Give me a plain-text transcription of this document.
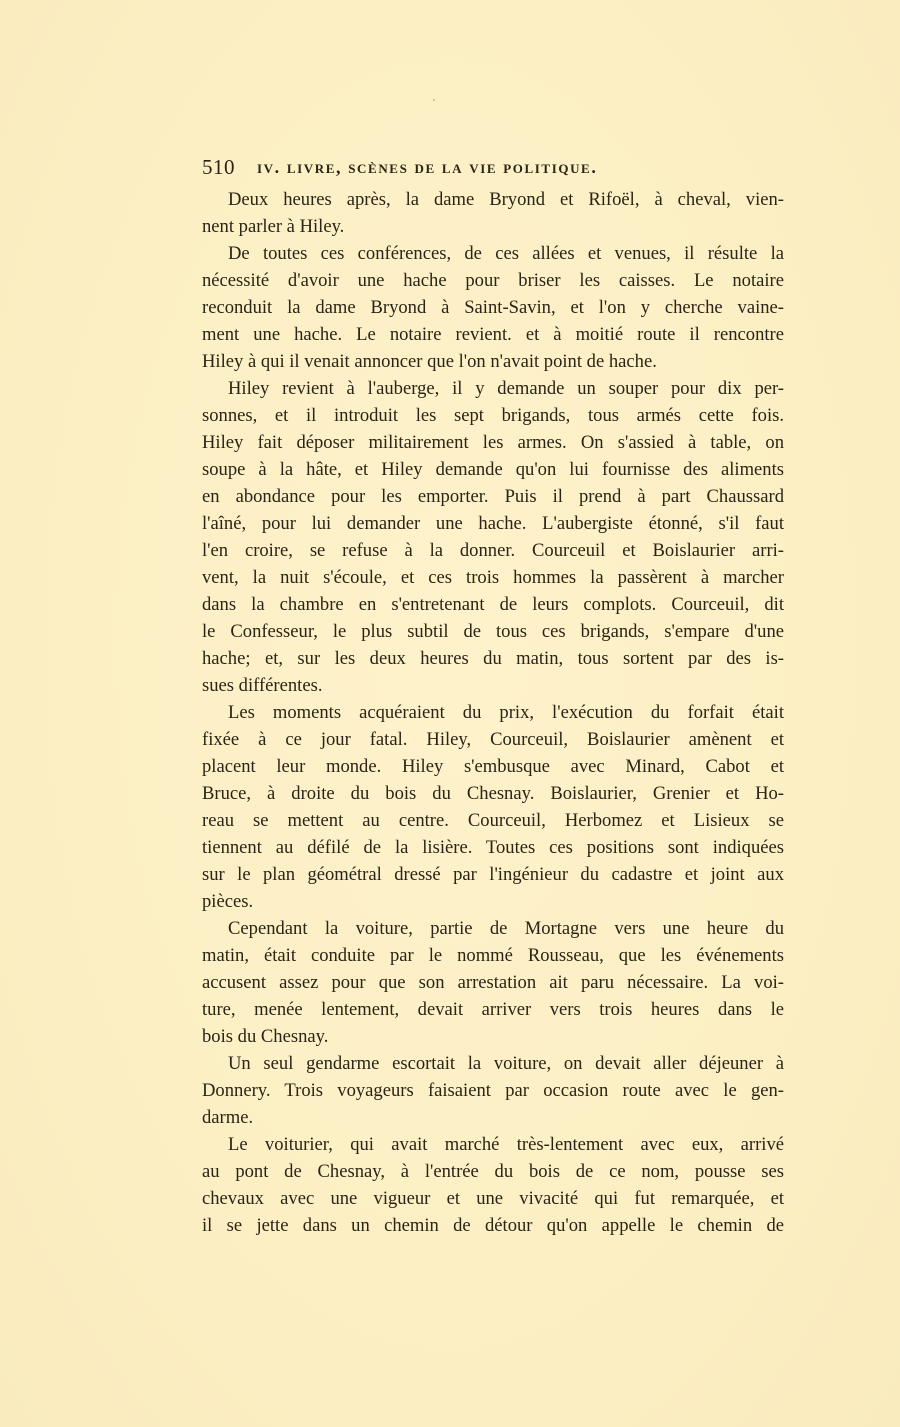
510 iv. livre, scènes de la vie politique.
Deux heures après, la dame Bryond et Rifoël, à cheval, vien-
nent parler à Hiley.
De toutes ces conférences, de ces allées et venues, il résulte la
nécessité d'avoir une hache pour briser les caisses. Le notaire
reconduit la dame Bryond à Saint-Savin, et l'on y cherche vaine-
ment une hache. Le notaire revient. et à moitié route il rencontre
Hiley à qui il venait annoncer que l'on n'avait point de hache.
Hiley revient à l'auberge, il y demande un souper pour dix per-
sonnes, et il introduit les sept brigands, tous armés cette fois.
Hiley fait déposer militairement les armes. On s'assied à table, on
soupe à la hâte, et Hiley demande qu'on lui fournisse des aliments
en abondance pour les emporter. Puis il prend à part Chaussard
l'aîné, pour lui demander une hache. L'aubergiste étonné, s'il faut
l'en croire, se refuse à la donner. Courceuil et Boislaurier arri-
vent, la nuit s'écoule, et ces trois hommes la passèrent à marcher
dans la chambre en s'entretenant de leurs complots. Courceuil, dit
le Confesseur, le plus subtil de tous ces brigands, s'empare d'une
hache; et, sur les deux heures du matin, tous sortent par des is-
sues différentes.
Les moments acquéraient du prix, l'exécution du forfait était
fixée à ce jour fatal. Hiley, Courceuil, Boislaurier amènent et
placent leur monde. Hiley s'embusque avec Minard, Cabot et
Bruce, à droite du bois du Chesnay. Boislaurier, Grenier et Ho-
reau se mettent au centre. Courceuil, Herbomez et Lisieux se
tiennent au défilé de la lisière. Toutes ces positions sont indiquées
sur le plan géométral dressé par l'ingénieur du cadastre et joint aux
pièces.
Cependant la voiture, partie de Mortagne vers une heure du
matin, était conduite par le nommé Rousseau, que les événements
accusent assez pour que son arrestation ait paru nécessaire. La voi-
ture, menée lentement, devait arriver vers trois heures dans le
bois du Chesnay.
Un seul gendarme escortait la voiture, on devait aller déjeuner à
Donnery. Trois voyageurs faisaient par occasion route avec le gen-
darme.
Le voiturier, qui avait marché très-lentement avec eux, arrivé
au pont de Chesnay, à l'entrée du bois de ce nom, pousse ses
chevaux avec une vigueur et une vivacité qui fut remarquée, et
il se jette dans un chemin de détour qu'on appelle le chemin de
